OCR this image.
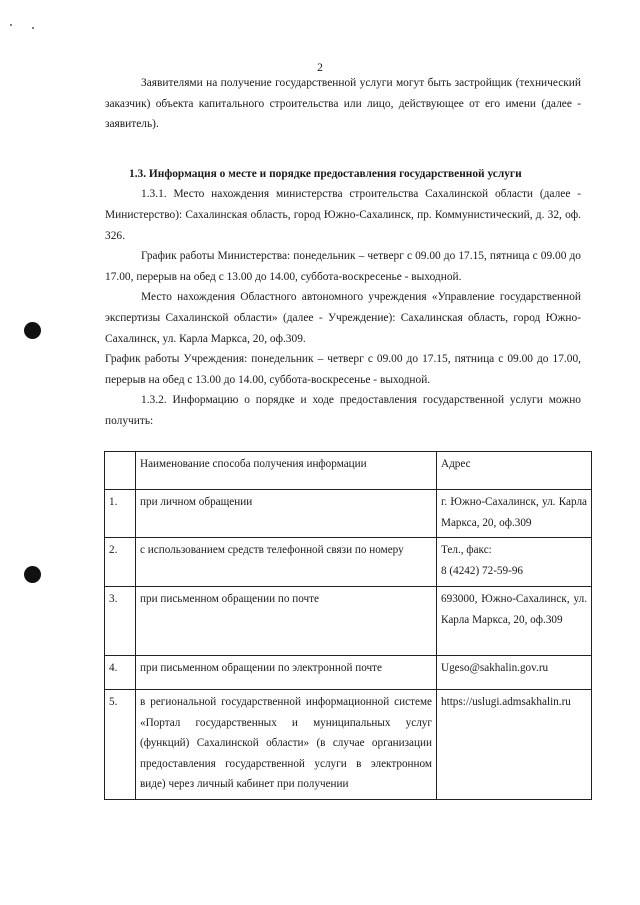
2

Заявителями на получение государственной услуги могут быть застройщик (технический заказчик) объекта капитального строительства или лицо, действующее от его имени (далее - заявитель).

1.3. Информация о месте и порядке предоставления государственной услуги

1.3.1. Место нахождения министерства строительства Сахалинской области (далее - Министерство): Сахалинская область, город Южно-Сахалинск, пр. Коммунистический, д. 32, оф. 326.

График работы Министерства: понедельник – четверг с 09.00 до 17.15, пятница с 09.00 до 17.00, перерыв на обед с 13.00 до 14.00, суббота-воскресенье - выходной.

Место нахождения Областного автономного учреждения «Управление государственной экспертизы Сахалинской области» (далее - Учреждение): Сахалинская область, город Южно-Сахалинск, ул. Карла Маркса, 20, оф.309.

График работы Учреждения: понедельник – четверг с 09.00 до 17.15, пятница с 09.00 до 17.00, перерыв на обед с 13.00 до 14.00, суббота-воскресенье - выходной.

1.3.2. Информацию о порядке и ходе предоставления государственной услуги можно получить:

	Наименование способа получения информации	Адрес
1.	при личном обращении	г. Южно-Сахалинск, ул. Карла Маркса, 20, оф.309
2.	с использованием средств телефонной связи по номеру	Тел., факс:
8 (4242) 72-59-96

3.	при письменном обращении по почте	693000, Южно-Сахалинск, ул. Карла Маркса, 20, оф.309
4.	при письменном обращении по электронной почте	Ugeso@sakhalin.gov.ru
5.	в региональной государственной информационной системе «Портал государственных и муниципальных услуг (функций) Сахалинской области» (в случае организации предоставления государственной услуги в электронном виде) через личный кабинет при получении	https://uslugi.admsakhalin.ru
